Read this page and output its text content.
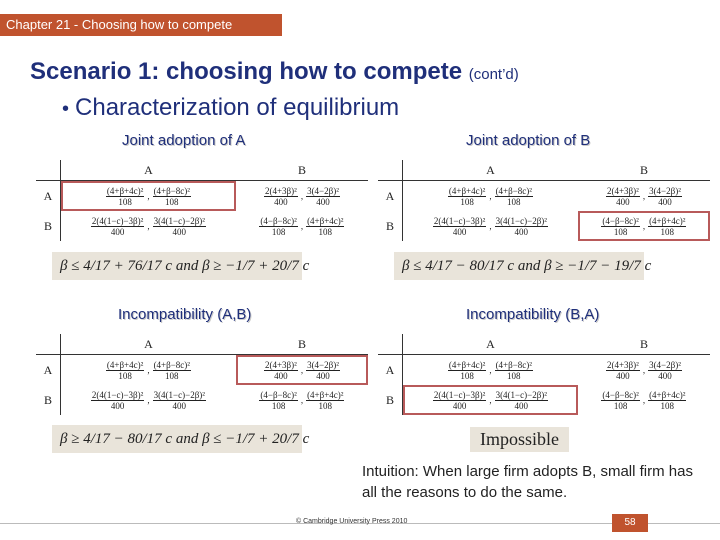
Chapter 21 - Choosing how to compete
Scenario 1: choosing how to compete (cont’d)
• Characterization of equilibrium
Joint adoption of A	Joint adoption of B
Incompatibility (A,B)	Incompatibility (B,A)
	A	B
A	$\frac{\text{(4+β+4c)²}}{108}$ , $\frac{\text{(4+β−8c)²}}{108}$	$\frac{\text{2(4+3β)²}}{400}$ , $\frac{\text{3(4−2β)²}}{400}$

B	$\frac{\text{2(4(1−c)−3β)²}}{400}$ , $\frac{\text{3(4(1−c)−2β)²}}{400}$	$\frac{\text{(4−β−8c)²}}{108}$ , $\frac{\text{(4+β+4c)²}}{108}$
	A	B
A	$\frac{\text{(4+β+4c)²}}{108}$ , $\frac{\text{(4+β−8c)²}}{108}$	$\frac{\text{2(4+3β)²}}{400}$ , $\frac{\text{3(4−2β)²}}{400}$

B	$\frac{\text{2(4(1−c)−3β)²}}{400}$ , $\frac{\text{3(4(1−c)−2β)²}}{400}$	$\frac{\text{(4−β−8c)²}}{108}$ , $\frac{\text{(4+β+4c)²}}{108}$
	A	B
A	$\frac{\text{(4+β+4c)²}}{108}$ , $\frac{\text{(4+β−8c)²}}{108}$	$\frac{\text{2(4+3β)²}}{400}$ , $\frac{\text{3(4−2β)²}}{400}$

B	$\frac{\text{2(4(1−c)−3β)²}}{400}$ , $\frac{\text{3(4(1−c)−2β)²}}{400}$	$\frac{\text{(4−β−8c)²}}{108}$ , $\frac{\text{(4+β+4c)²}}{108}$
	A	B
A	$\frac{\text{(4+β+4c)²}}{108}$ , $\frac{\text{(4+β−8c)²}}{108}$	$\frac{\text{2(4+3β)²}}{400}$ , $\frac{\text{3(4−2β)²}}{400}$

B	$\frac{\text{2(4(1−c)−3β)²}}{400}$ , $\frac{\text{3(4(1−c)−2β)²}}{400}$	$\frac{\text{(4−β−8c)²}}{108}$ , $\frac{\text{(4+β+4c)²}}{108}$
β ≤ 4/17 + 76/17 c and β ≥ −1/7 + 20/7 c	β ≤ 4/17 − 80/17 c and β ≥ −1/7 − 19/7 c
β ≥ 4/17 − 80/17 c and β ≤ −1/7 + 20/7 c	Impossible
Intuition: When large firm adopts B, small firm has all the reasons to do the same.
© Cambridge University Press 2010	58
